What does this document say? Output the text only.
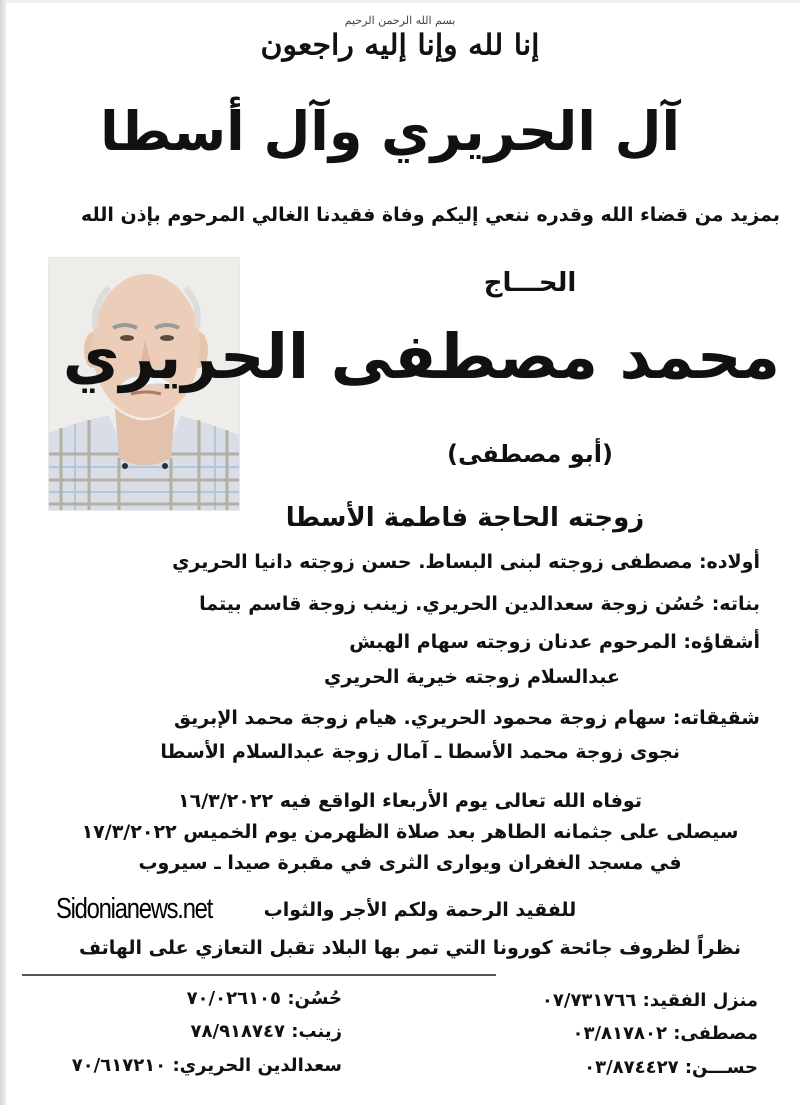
بسم الله الرحمن الرحيم
إنا لله وإنا إليه راجعون
آل الحريري وآل أسطا
بمزيد من قضاء الله وقدره ننعي إليكم وفاة فقيدنا الغالي المرحوم بإذن الله
الحـــاج
محمد مصطفى الحريري
(أبو مصطفى)
زوجته الحاجة فاطمة الأسطا
أولاده: مصطفى زوجته لبنى البساط. حسن زوجته دانيا الحريري
بناته: حُسُن زوجة سعدالدين الحريري. زينب زوجة قاسم بيتما
أشقاؤه: المرحوم عدنان زوجته سهام الهبش
عبدالسلام زوجته خيرية الحريري
شقيقاته: سهام زوجة محمود الحريري. هيام زوجة محمد الإبريق
نجوى زوجة محمد الأسطا ـ آمال زوجة عبدالسلام الأسطا
توفاه الله تعالى يوم الأربعاء الواقع فيه ١٦/٣/٢٠٢٢
سيصلى على جثمانه الطاهر بعد صلاة الظهرمن يوم الخميس ١٧/٣/٢٠٢٢
في مسجد الغفران ويوارى الثرى في مقبرة صيدا ـ سيروب
Sidonianews.net	للفقيد الرحمة ولكم الأجر والثواب
نظراً لظروف جائحة كورونا التي تمر بها البلاد تقبل التعازي على الهاتف
منزل الفقيد: ٠٧/٧٣١٧٦٦
مصطفى: ٠٣/٨١٧٨٠٢
حســـن: ٠٣/٨٧٤٤٢٧
حُسُن: ٧٠/٠٢٦١٠٥
زينب: ٧٨/٩١٨٧٤٧
سعدالدين الحريري: ٧٠/٦١٧٢١٠
